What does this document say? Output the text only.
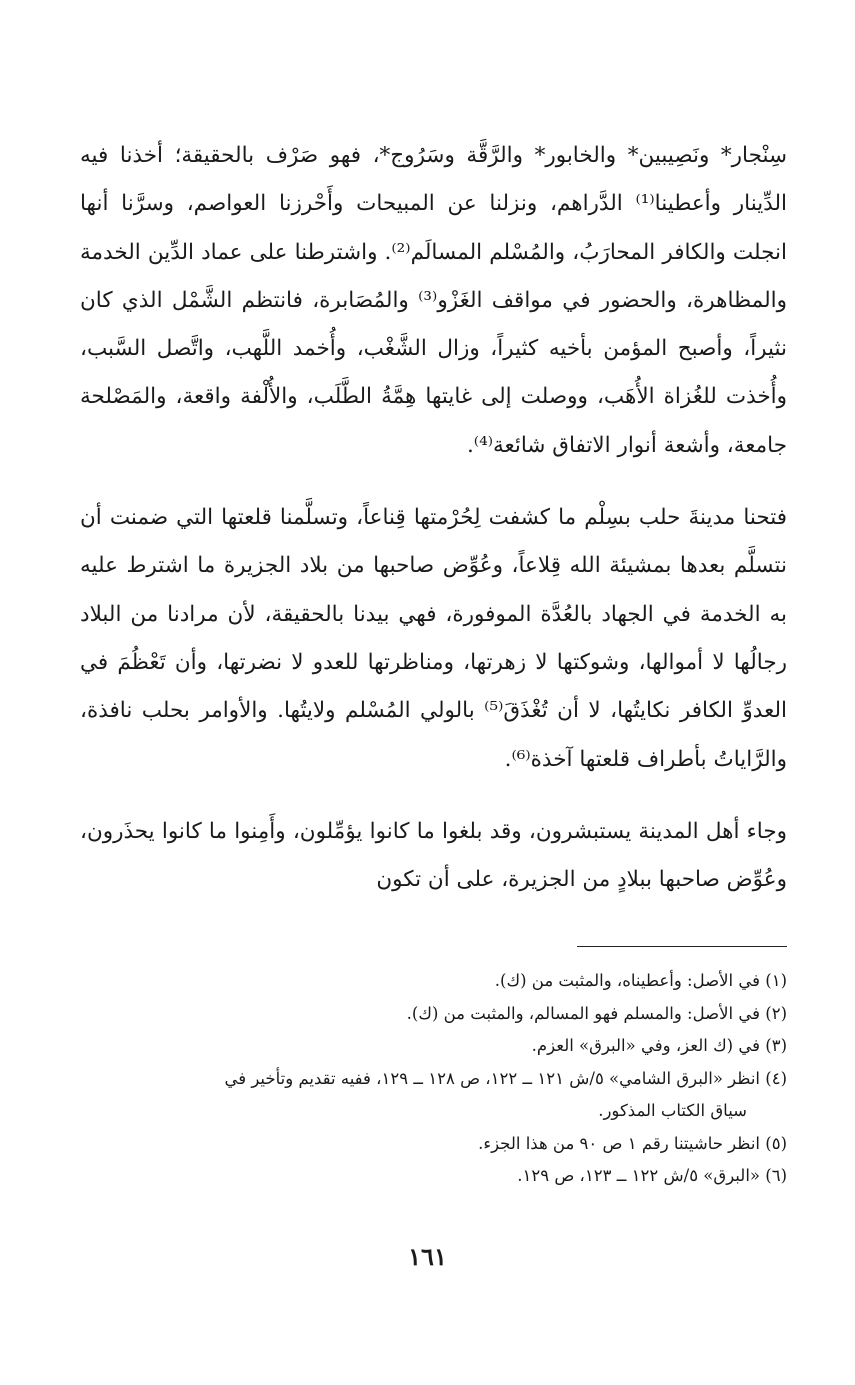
سِنْجار* ونَصِيبين* والخابور* والرَّقَّة وسَرُوج*، فهو صَرْف بالحقيقة؛ أخذنا فيه الدِّينار وأعطينا⁽¹⁾ الدَّراهم، ونزلنا عن المبيحات وأَحْرزنا العواصم، وسرَّنا أنها انجلت والكافر المحارَبُ، والمُسْلم المسالَم⁽²⁾. واشترطنا على عماد الدِّين الخدمة والمظاهرة، والحضور في مواقف الغَزْو⁽³⁾ والمُصَابرة، فانتظم الشَّمْل الذي كان نثيراً، وأصبح المؤمن بأخيه كثيراً، وزال الشَّغْب، وأُخمد اللَّهب، واتَّصل السَّبب، وأُخذت للغُزاة الأُهَب، ووصلت إلى غايتها هِمَّةُ الطَّلَب، والأُلْفة واقعة، والمَصْلحة جامعة، وأشعة أنوار الاتفاق شائعة⁽⁴⁾.

فتحنا مدينةَ حلب بسِلْم ما كشفت لِحُرْمتها قِناعاً، وتسلَّمنا قلعتها التي ضمنت أن نتسلَّم بعدها بمشيئة الله قِلاعاً، وعُوِّض صاحبها من بلاد الجزيرة ما اشترط عليه به الخدمة في الجهاد بالعُدَّة الموفورة، فهي بيدنا بالحقيقة، لأن مرادنا من البلاد رجالُها لا أموالها، وشوكتها لا زهرتها، ومناظرتها للعدو لا نضرتها، وأن تَعْظُمَ في العدوِّ الكافر نكايتُها، لا أن تُغْذَقَ⁽⁵⁾ بالولي المُسْلم ولايتُها. والأوامر بحلب نافذة، والرَّاياتُ بأطراف قلعتها آخذة⁽⁶⁾.

وجاء أهل المدينة يستبشرون، وقد بلغوا ما كانوا يؤمِّلون، وأَمِنوا ما كانوا يحذَرون، وعُوِّض صاحبها ببلادٍ من الجزيرة، على أن تكون

(١) في الأصل: وأعطيناه، والمثبت من (ك).
(٢) في الأصل: والمسلم فهو المسالم، والمثبت من (ك).
(٣) في (ك العز، وفي «البرق» العزم.
(٤) انظر «البرق الشامي» ٥/ش ١٢١ ــ ١٢٢، ص ١٢٨ ــ ١٢٩، ففيه تقديم وتأخير في
سياق الكتاب المذكور.
(٥) انظر حاشيتنا رقم ١ ص ٩٠ من هذا الجزء.
(٦) «البرق» ٥/ش ١٢٢ ــ ١٢٣، ص ١٢٩.
١٦١
